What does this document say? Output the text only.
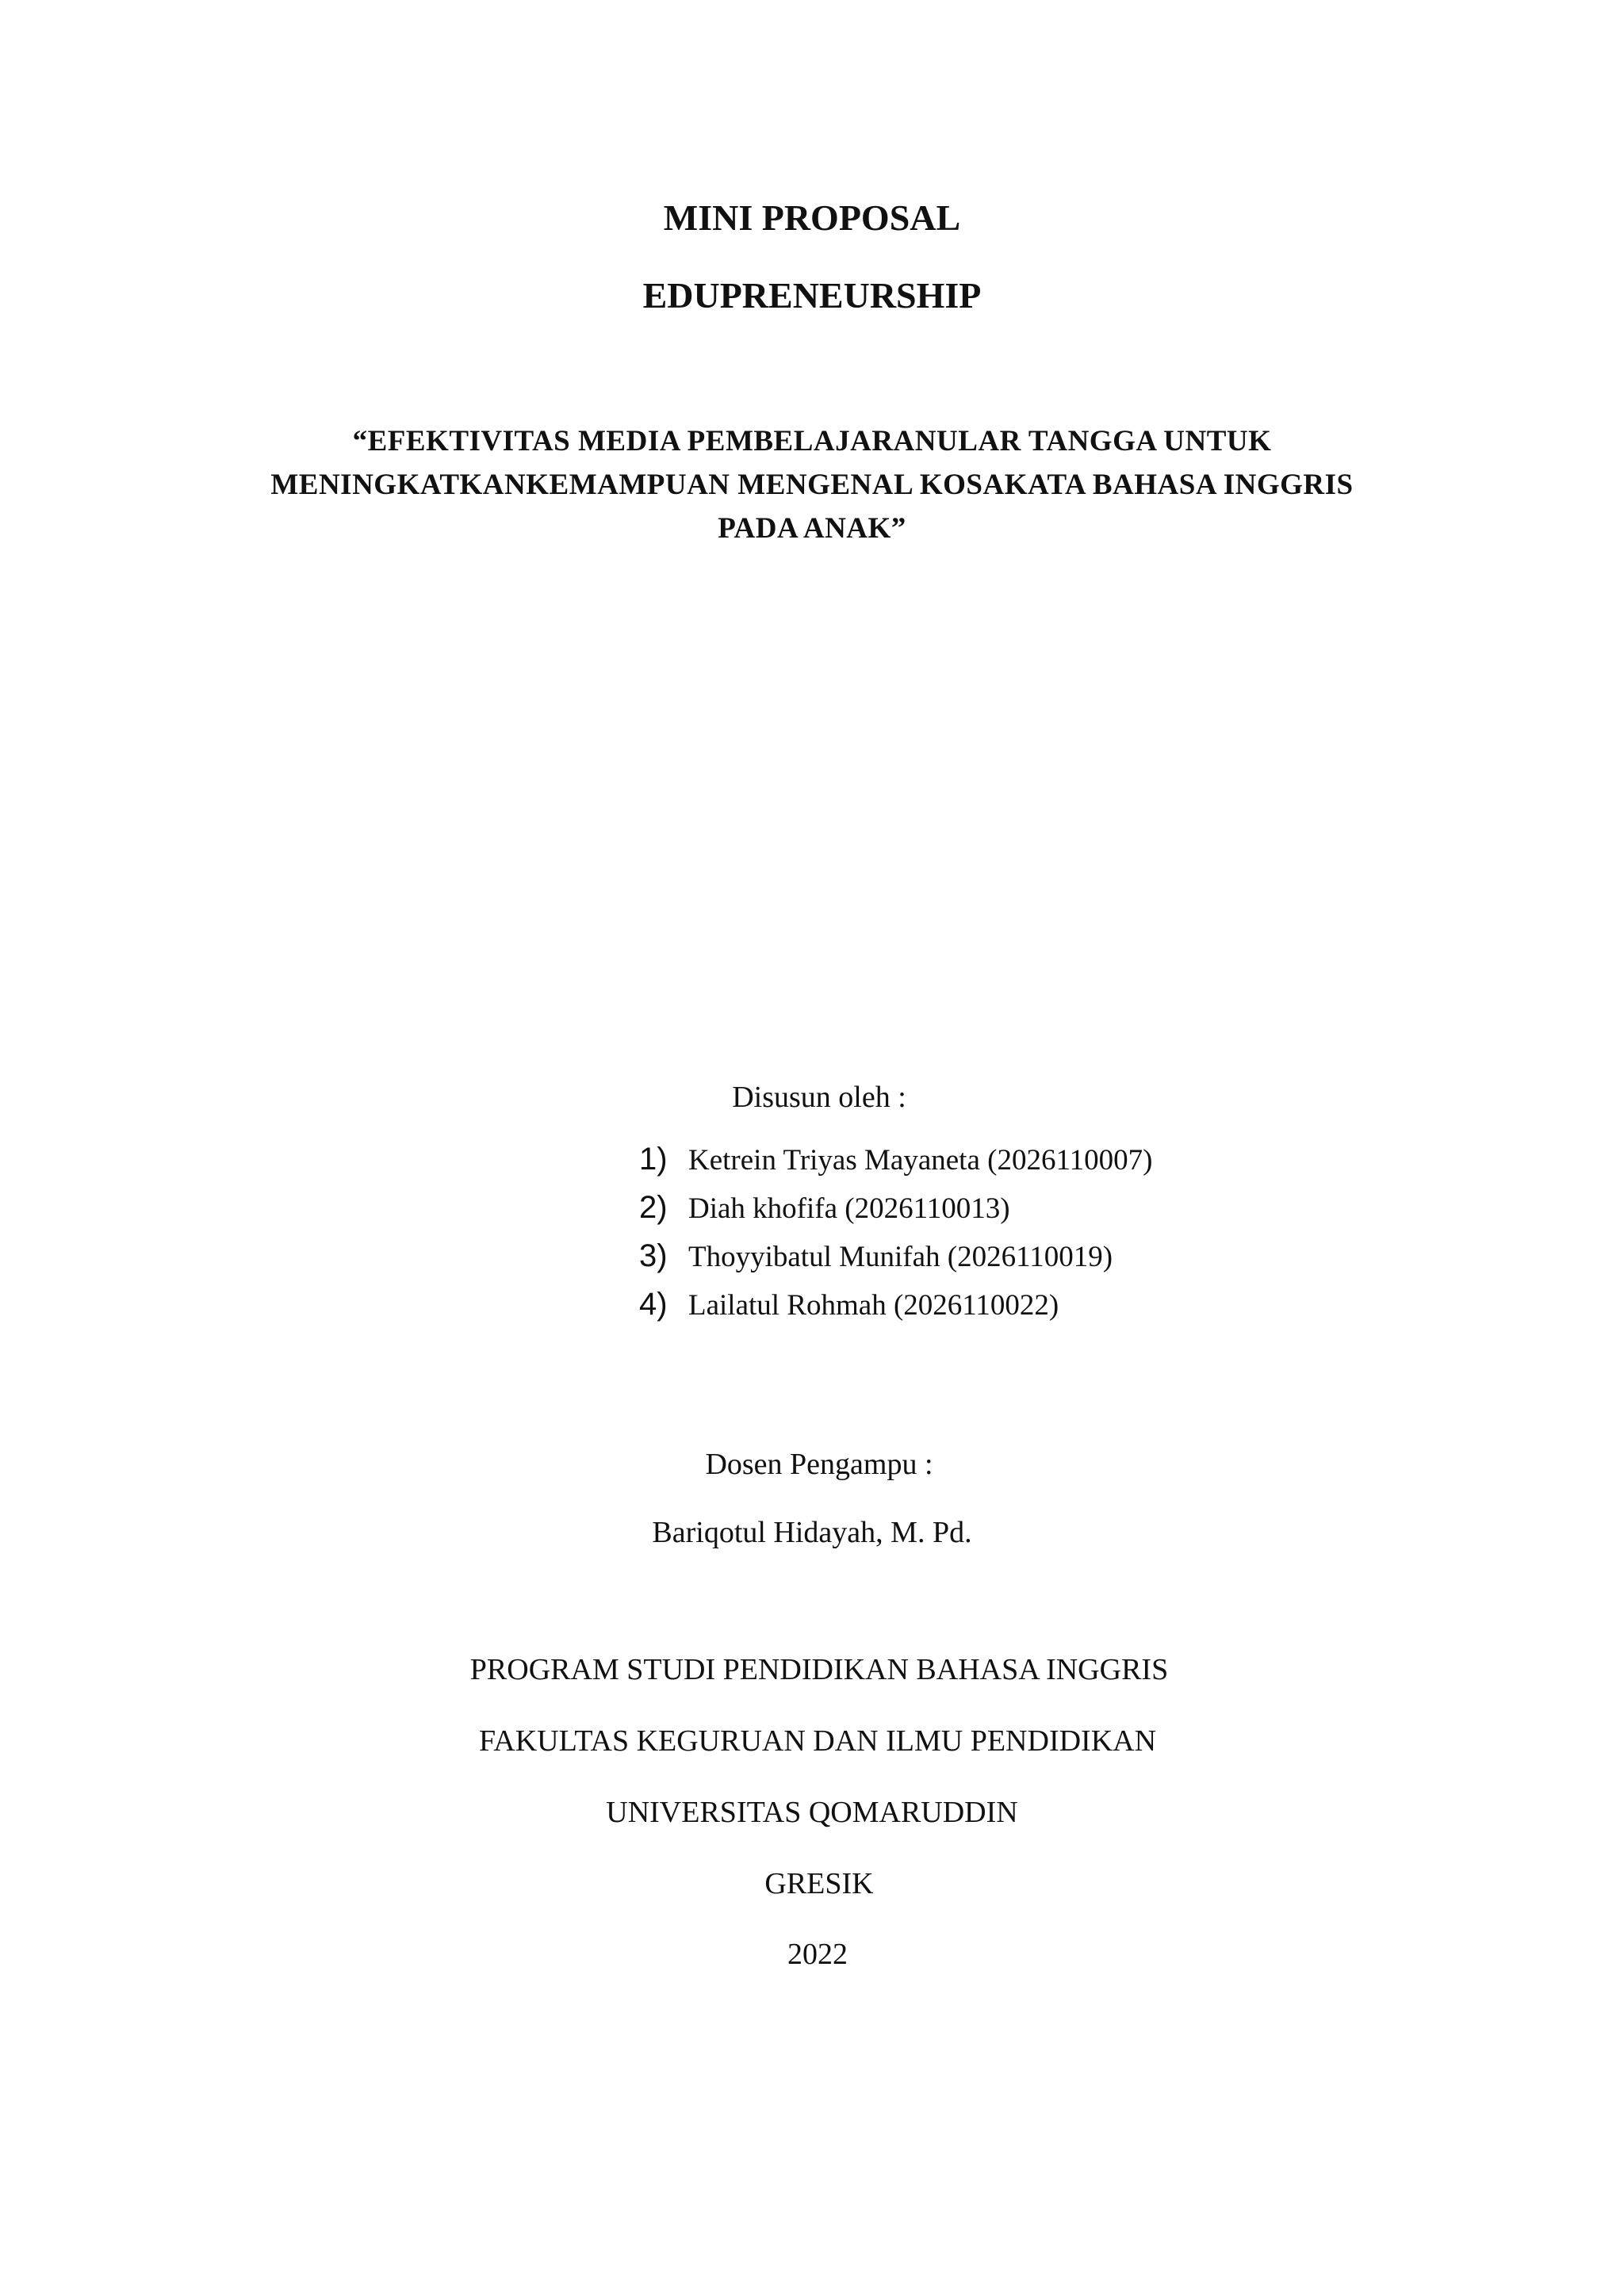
MINI PROPOSAL
EDUPRENEURSHIP
“EFEKTIVITAS MEDIA PEMBELAJARANULAR TANGGA UNTUK
MENINGKATKANKEMAMPUAN MENGENAL KOSAKATA BAHASA INGGRIS
PADA ANAK”
Disusun oleh :
1) Ketrein Triyas Mayaneta (2026110007)
2) Diah khofifa (2026110013)
3) Thoyyibatul Munifah (2026110019)
4) Lailatul Rohmah (2026110022)
Dosen Pengampu :
Bariqotul Hidayah, M. Pd.
PROGRAM STUDI PENDIDIKAN BAHASA INGGRIS
FAKULTAS KEGURUAN DAN ILMU PENDIDIKAN
UNIVERSITAS QOMARUDDIN
GRESIK
2022
